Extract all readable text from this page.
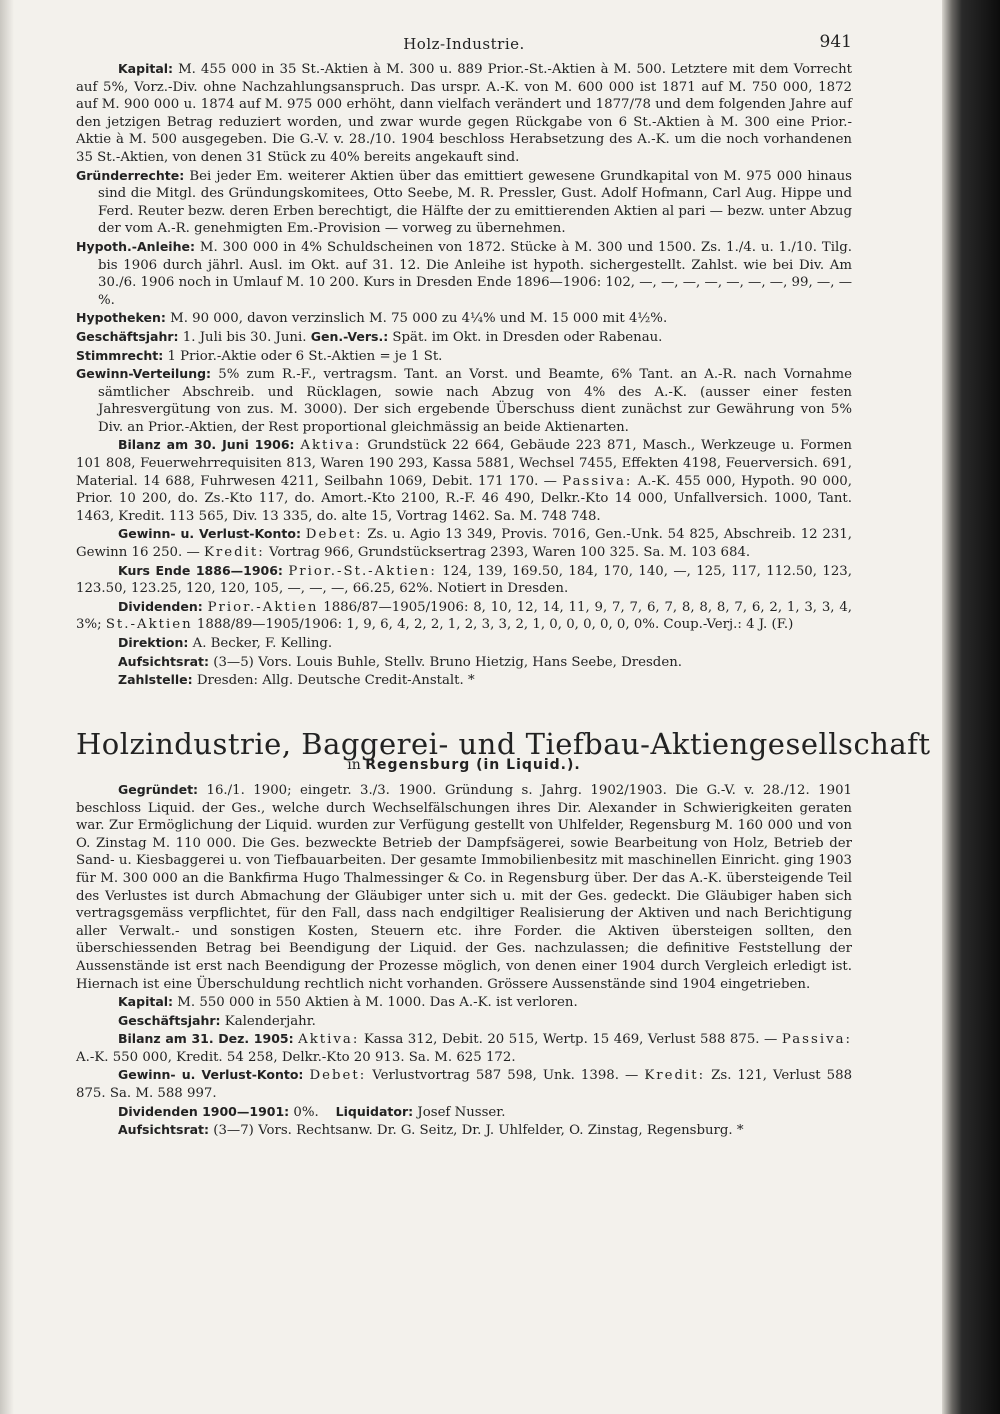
Holz-Industrie.	941

Kapital: M. 455 000 in 35 St.-Aktien à M. 300 u. 889 Prior.-St.-Aktien à M. 500. Letztere mit dem Vorrecht auf 5%, Vorz.-Div. ohne Nachzahlungsanspruch. Das urspr. A.-K. von M. 600 000 ist 1871 auf M. 750 000, 1872 auf M. 900 000 u. 1874 auf M. 975 000 erhöht, dann vielfach verändert und 1877/78 und dem folgenden Jahre auf den jetzigen Betrag reduziert worden, und zwar wurde gegen Rückgabe von 6 St.-Aktien à M. 300 eine Prior.-Aktie à M. 500 ausgegeben. Die G.-V. v. 28./10. 1904 beschloss Herabsetzung des A.-K. um die noch vorhandenen 35 St.-Aktien, von denen 31 Stück zu 40% bereits angekauft sind.

Gründerrechte: Bei jeder Em. weiterer Aktien über das emittiert gewesene Grundkapital von M. 975 000 hinaus sind die Mitgl. des Gründungskomitees, Otto Seebe, M. R. Pressler, Gust. Adolf Hofmann, Carl Aug. Hippe und Ferd. Reuter bezw. deren Erben berechtigt, die Hälfte der zu emittierenden Aktien al pari — bezw. unter Abzug der vom A.-R. genehmigten Em.-Provision — vorweg zu übernehmen.

Hypoth.-Anleihe: M. 300 000 in 4% Schuldscheinen von 1872. Stücke à M. 300 und 1500. Zs. 1./4. u. 1./10. Tilg. bis 1906 durch jährl. Ausl. im Okt. auf 31. 12. Die Anleihe ist hypoth. sichergestellt. Zahlst. wie bei Div. Am 30./6. 1906 noch in Umlauf M. 10 200. Kurs in Dresden Ende 1896—1906: 102, —, —, —, —, —, —, —, 99, —, —%.

Hypotheken: M. 90 000, davon verzinslich M. 75 000 zu 4¼% und M. 15 000 mit 4½%.

Geschäftsjahr: 1. Juli bis 30. Juni. Gen.-Vers.: Spät. im Okt. in Dresden oder Rabenau.

Stimmrecht: 1 Prior.-Aktie oder 6 St.-Aktien = je 1 St.

Gewinn-Verteilung: 5% zum R.-F., vertragsm. Tant. an Vorst. und Beamte, 6% Tant. an A.-R. nach Vornahme sämtlicher Abschreib. und Rücklagen, sowie nach Abzug von 4% des A.-K. (ausser einer festen Jahresvergütung von zus. M. 3000). Der sich ergebende Überschuss dient zunächst zur Gewährung von 5% Div. an Prior.-Aktien, der Rest proportional gleichmässig an beide Aktienarten.

Bilanz am 30. Juni 1906: Aktiva: Grundstück 22 664, Gebäude 223 871, Masch., Werkzeuge u. Formen 101 808, Feuerwehrrequisiten 813, Waren 190 293, Kassa 5881, Wechsel 7455, Effekten 4198, Feuerversich. 691, Material. 14 688, Fuhrwesen 4211, Seilbahn 1069, Debit. 171 170. — Passiva: A.-K. 455 000, Hypoth. 90 000, Prior. 10 200, do. Zs.-Kto 117, do. Amort.-Kto 2100, R.-F. 46 490, Delkr.-Kto 14 000, Unfallversich. 1000, Tant. 1463, Kredit. 113 565, Div. 13 335, do. alte 15, Vortrag 1462. Sa. M. 748 748.

Gewinn- u. Verlust-Konto: Debet: Zs. u. Agio 13 349, Provis. 7016, Gen.-Unk. 54 825, Abschreib. 12 231, Gewinn 16 250. — Kredit: Vortrag 966, Grundstücksertrag 2393, Waren 100 325. Sa. M. 103 684.

Kurs Ende 1886—1906: Prior.-St.-Aktien: 124, 139, 169.50, 184, 170, 140, —, 125, 117, 112.50, 123, 123.50, 123.25, 120, 120, 105, —, —, —, 66.25, 62%. Notiert in Dresden.

Dividenden: Prior.-Aktien 1886/87—1905/1906: 8, 10, 12, 14, 11, 9, 7, 7, 6, 7, 8, 8, 8, 7, 6, 2, 1, 3, 3, 4, 3%; St.-Aktien 1888/89—1905/1906: 1, 9, 6, 4, 2, 2, 1, 2, 3, 3, 2, 1, 0, 0, 0, 0, 0, 0%. Coup.-Verj.: 4 J. (F.)

Direktion: A. Becker, F. Kelling.

Aufsichtsrat: (3—5) Vors. Louis Buhle, Stellv. Bruno Hietzig, Hans Seebe, Dresden.

Zahlstelle: Dresden: Allg. Deutsche Credit-Anstalt. *

Holzindustrie, Baggerei- und Tiefbau-Aktiengesellschaft
in Regensburg (in Liquid.).

Gegründet: 16./1. 1900; eingetr. 3./3. 1900. Gründung s. Jahrg. 1902/1903. Die G.-V. v. 28./12. 1901 beschloss Liquid. der Ges., welche durch Wechselfälschungen ihres Dir. Alexander in Schwierigkeiten geraten war. Zur Ermöglichung der Liquid. wurden zur Verfügung gestellt von Uhlfelder, Regensburg M. 160 000 und von O. Zinstag M. 110 000. Die Ges. bezweckte Betrieb der Dampfsägerei, sowie Bearbeitung von Holz, Betrieb der Sand- u. Kiesbaggerei u. von Tiefbauarbeiten. Der gesamte Immobilienbesitz mit maschinellen Einricht. ging 1903 für M. 300 000 an die Bankfirma Hugo Thalmessinger & Co. in Regensburg über. Der das A.-K. übersteigende Teil des Verlustes ist durch Abmachung der Gläubiger unter sich u. mit der Ges. gedeckt. Die Gläubiger haben sich vertragsgemäss verpflichtet, für den Fall, dass nach endgiltiger Realisierung der Aktiven und nach Berichtigung aller Verwalt.- und sonstigen Kosten, Steuern etc. ihre Forder. die Aktiven übersteigen sollten, den überschiessenden Betrag bei Beendigung der Liquid. der Ges. nachzulassen; die definitive Feststellung der Aussenstände ist erst nach Beendigung der Prozesse möglich, von denen einer 1904 durch Vergleich erledigt ist. Hiernach ist eine Überschuldung rechtlich nicht vorhanden. Grössere Aussenstände sind 1904 eingetrieben.

Kapital: M. 550 000 in 550 Aktien à M. 1000. Das A.-K. ist verloren.

Geschäftsjahr: Kalenderjahr.

Bilanz am 31. Dez. 1905: Aktiva: Kassa 312, Debit. 20 515, Wertp. 15 469, Verlust 588 875. — Passiva: A.-K. 550 000, Kredit. 54 258, Delkr.-Kto 20 913. Sa. M. 625 172.

Gewinn- u. Verlust-Konto: Debet: Verlustvortrag 587 598, Unk. 1398. — Kredit: Zs. 121, Verlust 588 875. Sa. M. 588 997.

Dividenden 1900—1901: 0%. Liquidator: Josef Nusser.

Aufsichtsrat: (3—7) Vors. Rechtsanw. Dr. G. Seitz, Dr. J. Uhlfelder, O. Zinstag, Regensburg. *
